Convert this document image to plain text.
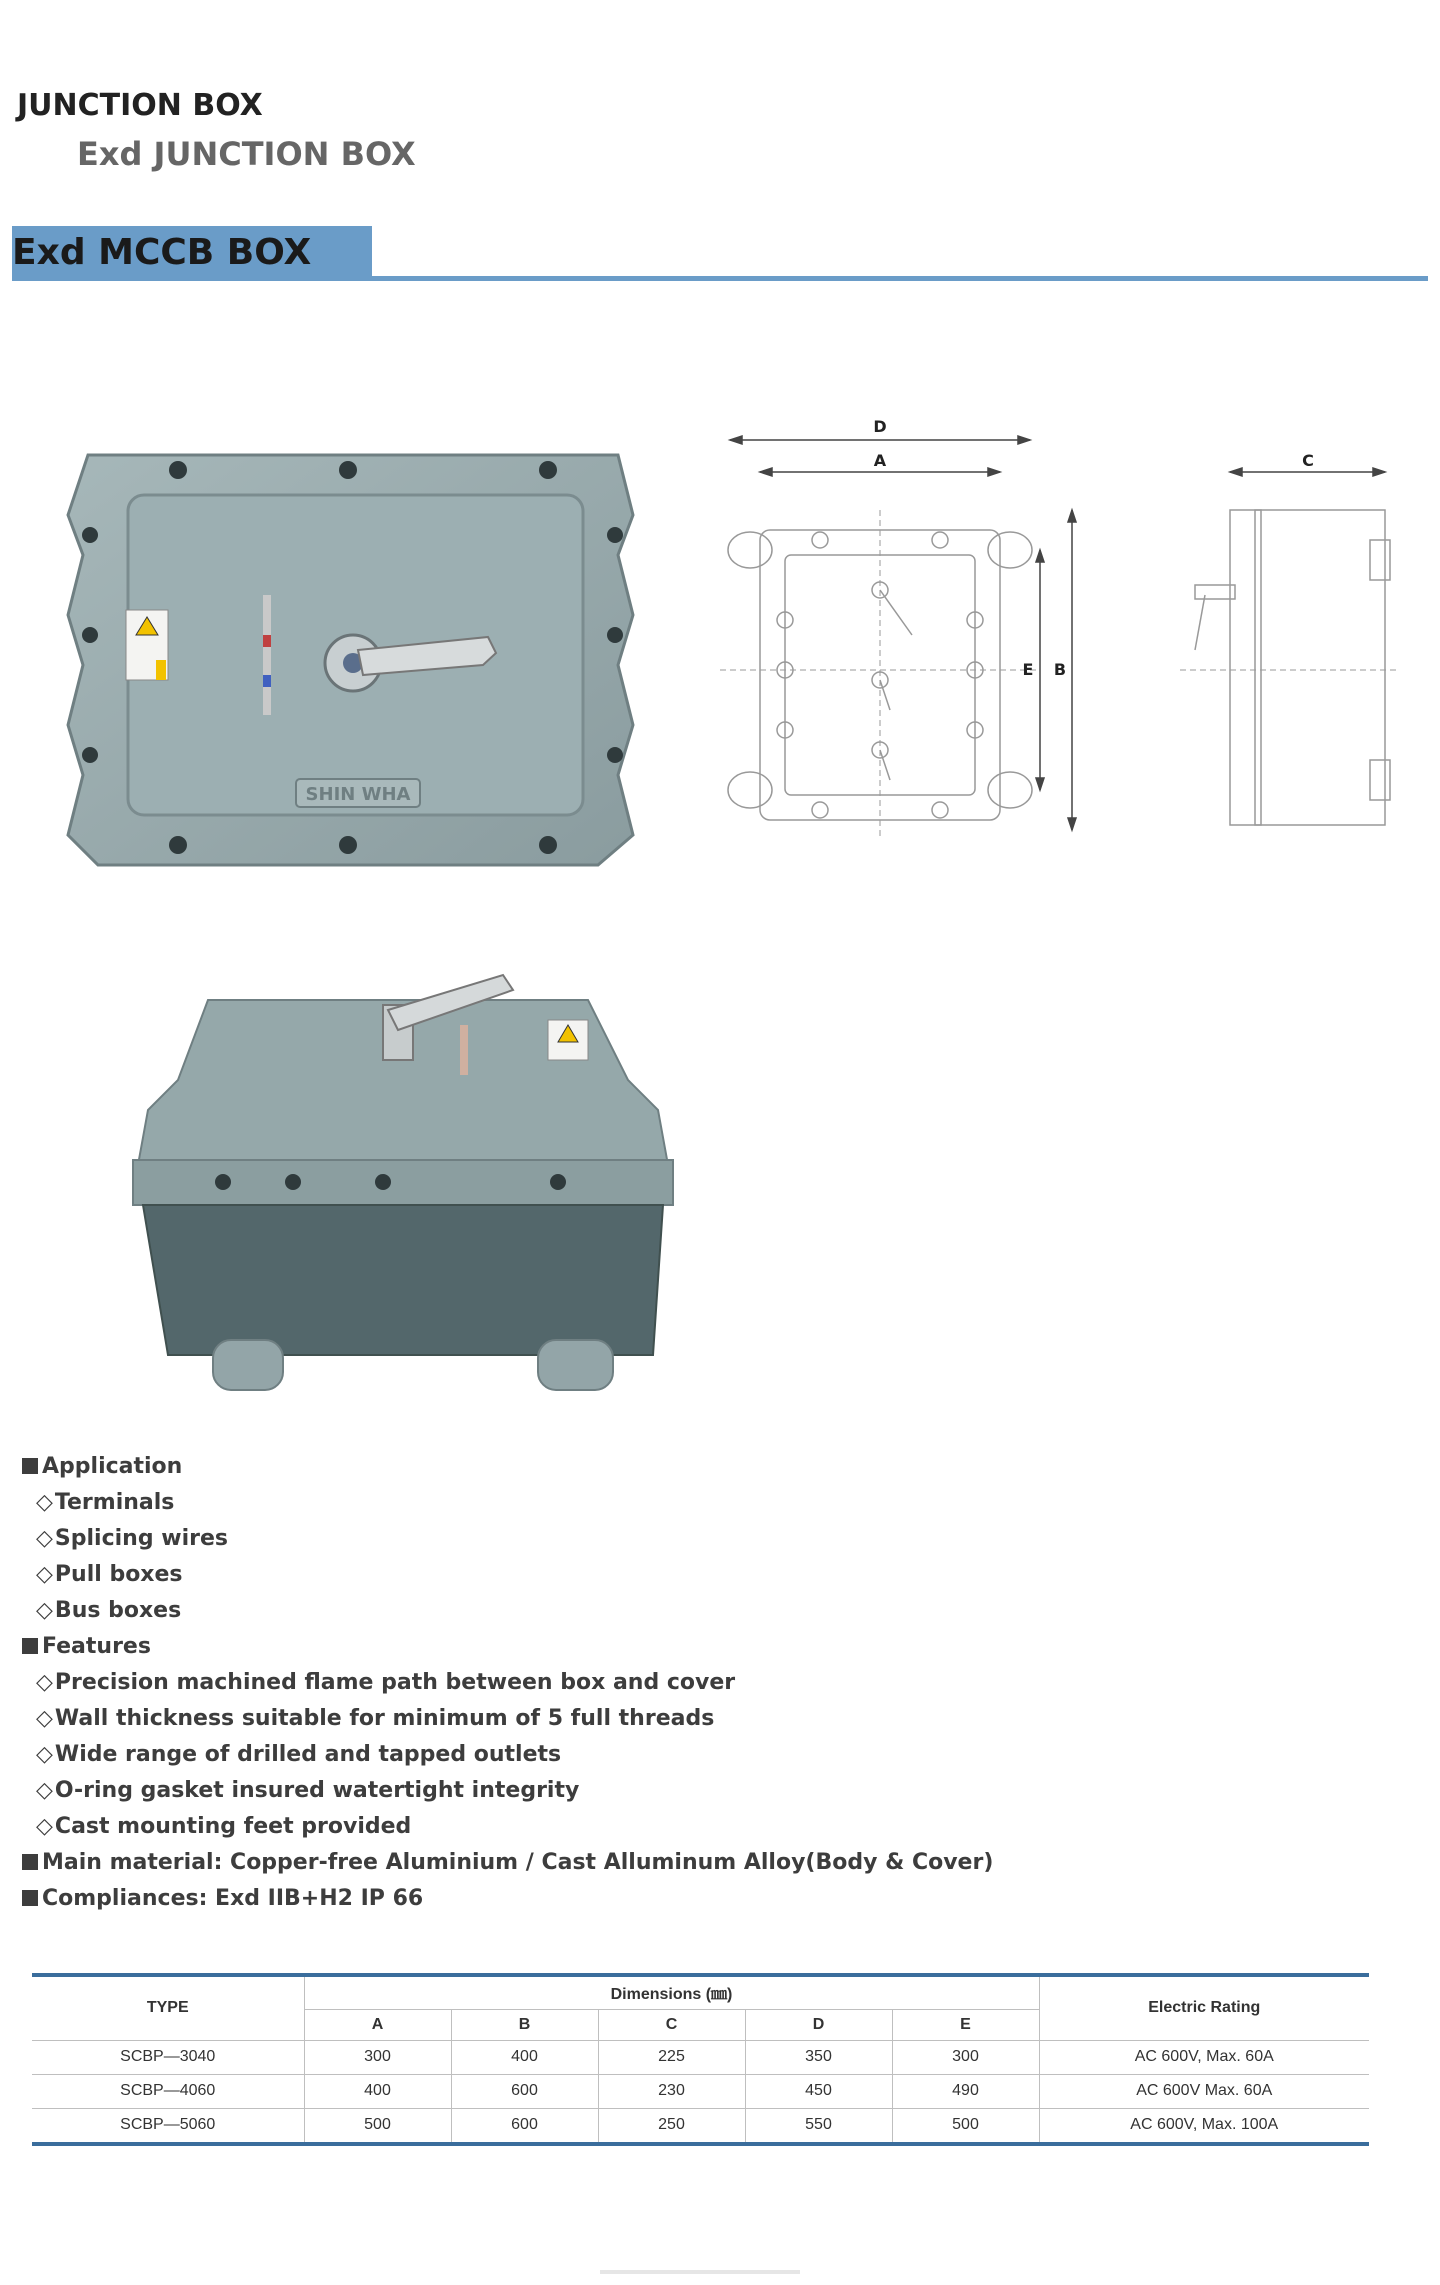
JUNCTION BOX
Exd JUNCTION BOX
Exd MCCB BOX
SHIN WHA
D
A	C
E B
Application
◇Terminals
◇Splicing wires
◇Pull boxes
◇Bus boxes
Features
◇Precision machined flame path between box and cover
◇Wall thickness suitable for minimum of 5 full threads
◇Wide range of drilled and tapped outlets
◇O-ring gasket insured watertight integrity
◇Cast mounting feet provided
Main material: Copper-free Aluminium / Cast Alluminum Alloy(Body & Cover)
Compliances: Exd IIB+H2 IP 66
TYPE	Dimensions (㎜)					Electric Rating
	A	B	C	D	E	
SCBP—3040	300	400	225	350	300	AC 600V, Max. 60A
SCBP—4060	400	600	230	450	490	AC 600V Max. 60A
SCBP—5060	500	600	250	550	500	AC 600V, Max. 100A
